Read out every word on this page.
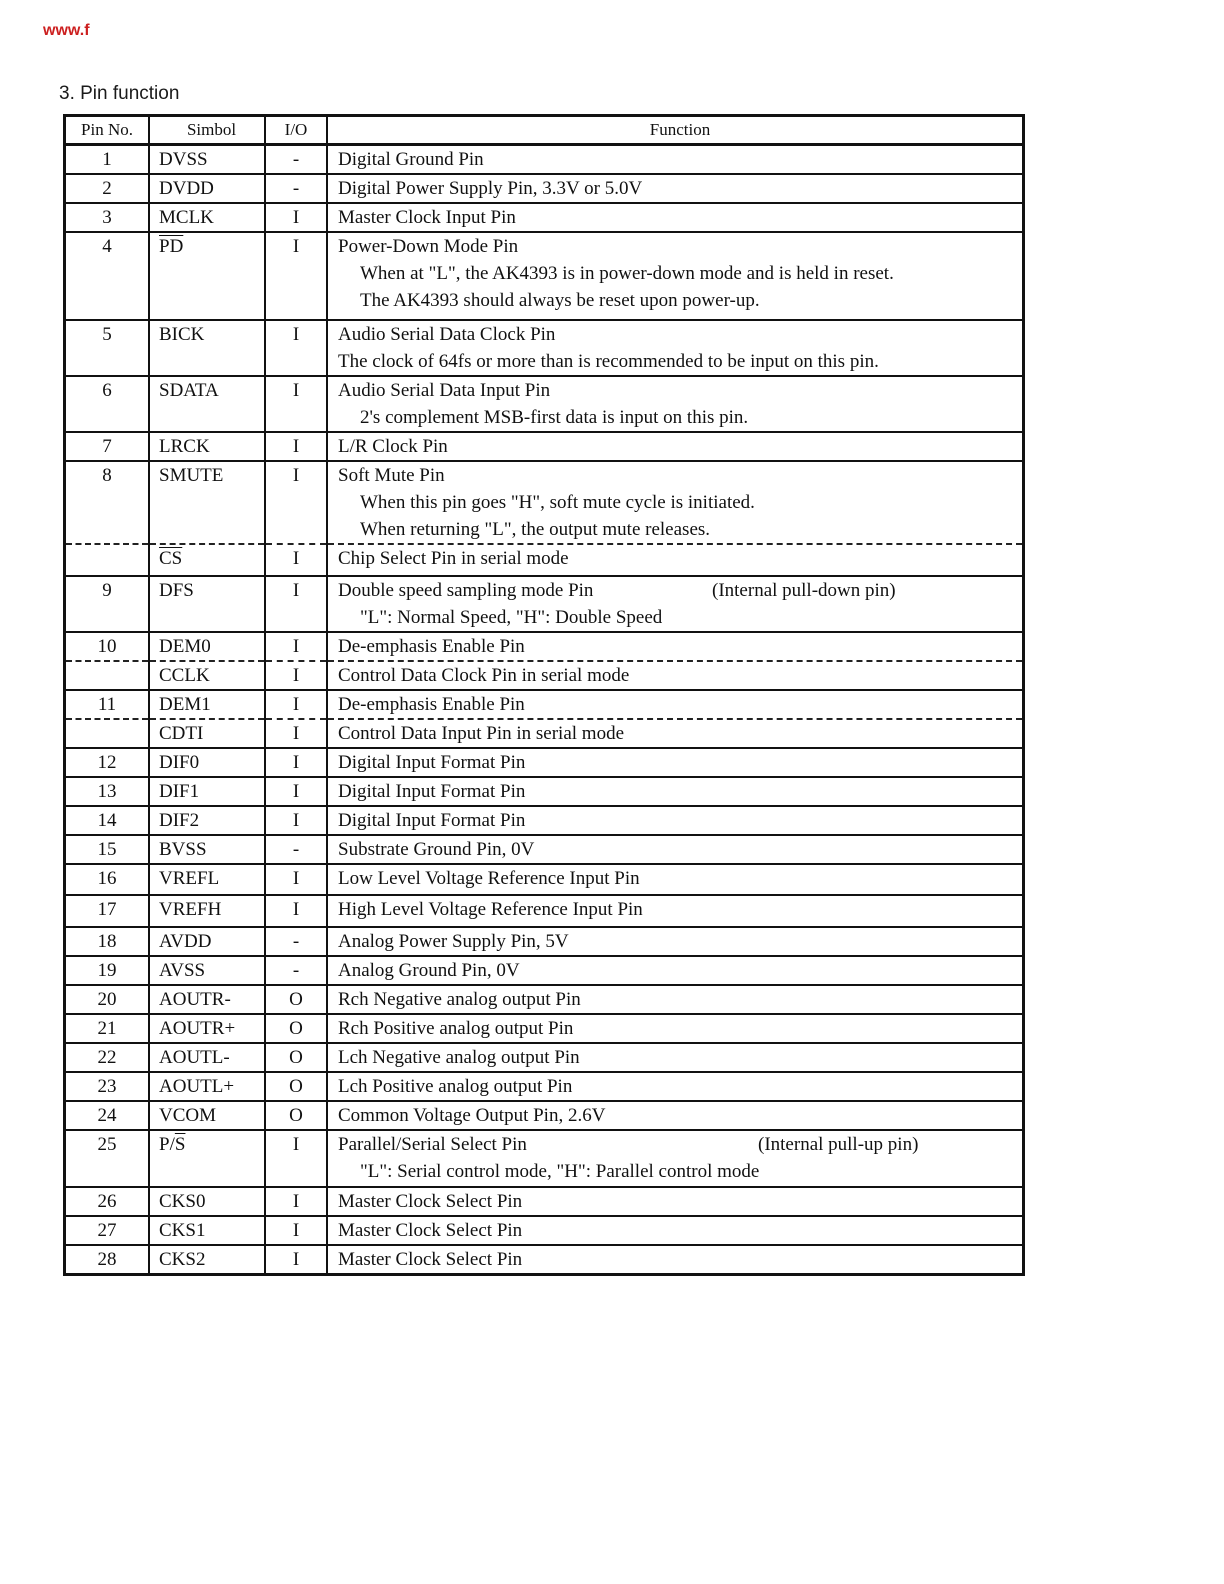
www.f
3. Pin function
Pin No.	Simbol	I/O	Function
1	DVSS	-	Digital Ground Pin

2	DVDD	-	Digital Power Supply Pin, 3.3V or 5.0V

3	MCLK	I	Master Clock Input Pin

4	$\overline{PD}$	I	Power-Down Mode Pin
When at "L", the AK4393 is in power-down mode and is held in reset.
The AK4393 should always be reset upon power-up.

5	BICK	I	Audio Serial Data Clock Pin
The clock of 64fs or more than is recommended to be input on this pin.

6	SDATA	I	Audio Serial Data Input Pin
2's complement MSB-first data is input on this pin.

7	LRCK	I	L/R Clock Pin

8	SMUTE	I	Soft Mute Pin
When this pin goes "H", soft mute cycle is initiated.
When returning "L", the output mute releases.

	$\overline{CS}$	I	Chip Select Pin in serial mode

9	DFS	I	Double speed sampling mode Pin (Internal pull-down pin)
"L": Normal Speed, "H": Double Speed

10	DEM0	I	De-emphasis Enable Pin

	CCLK	I	Control Data Clock Pin in serial mode

11	DEM1	I	De-emphasis Enable Pin

	CDTI	I	Control Data Input Pin in serial mode

12	DIF0	I	Digital Input Format Pin

13	DIF1	I	Digital Input Format Pin

14	DIF2	I	Digital Input Format Pin

15	BVSS	-	Substrate Ground Pin, 0V

16	VREFL	I	Low Level Voltage Reference Input Pin

17	VREFH	I	High Level Voltage Reference Input Pin

18	AVDD	-	Analog Power Supply Pin, 5V

19	AVSS	-	Analog Ground Pin, 0V

20	AOUTR-	O	Rch Negative analog output Pin

21	AOUTR+	O	Rch Positive analog output Pin

22	AOUTL-	O	Lch Negative analog output Pin

23	AOUTL+	O	Lch Positive analog output Pin

24	VCOM	O	Common Voltage Output Pin, 2.6V

25	$P/\overline{S}$	I	Parallel/Serial Select Pin (Internal pull-up pin)
"L": Serial control mode, "H": Parallel control mode

26	CKS0	I	Master Clock Select Pin

27	CKS1	I	Master Clock Select Pin

28	CKS2	I	Master Clock Select Pin
